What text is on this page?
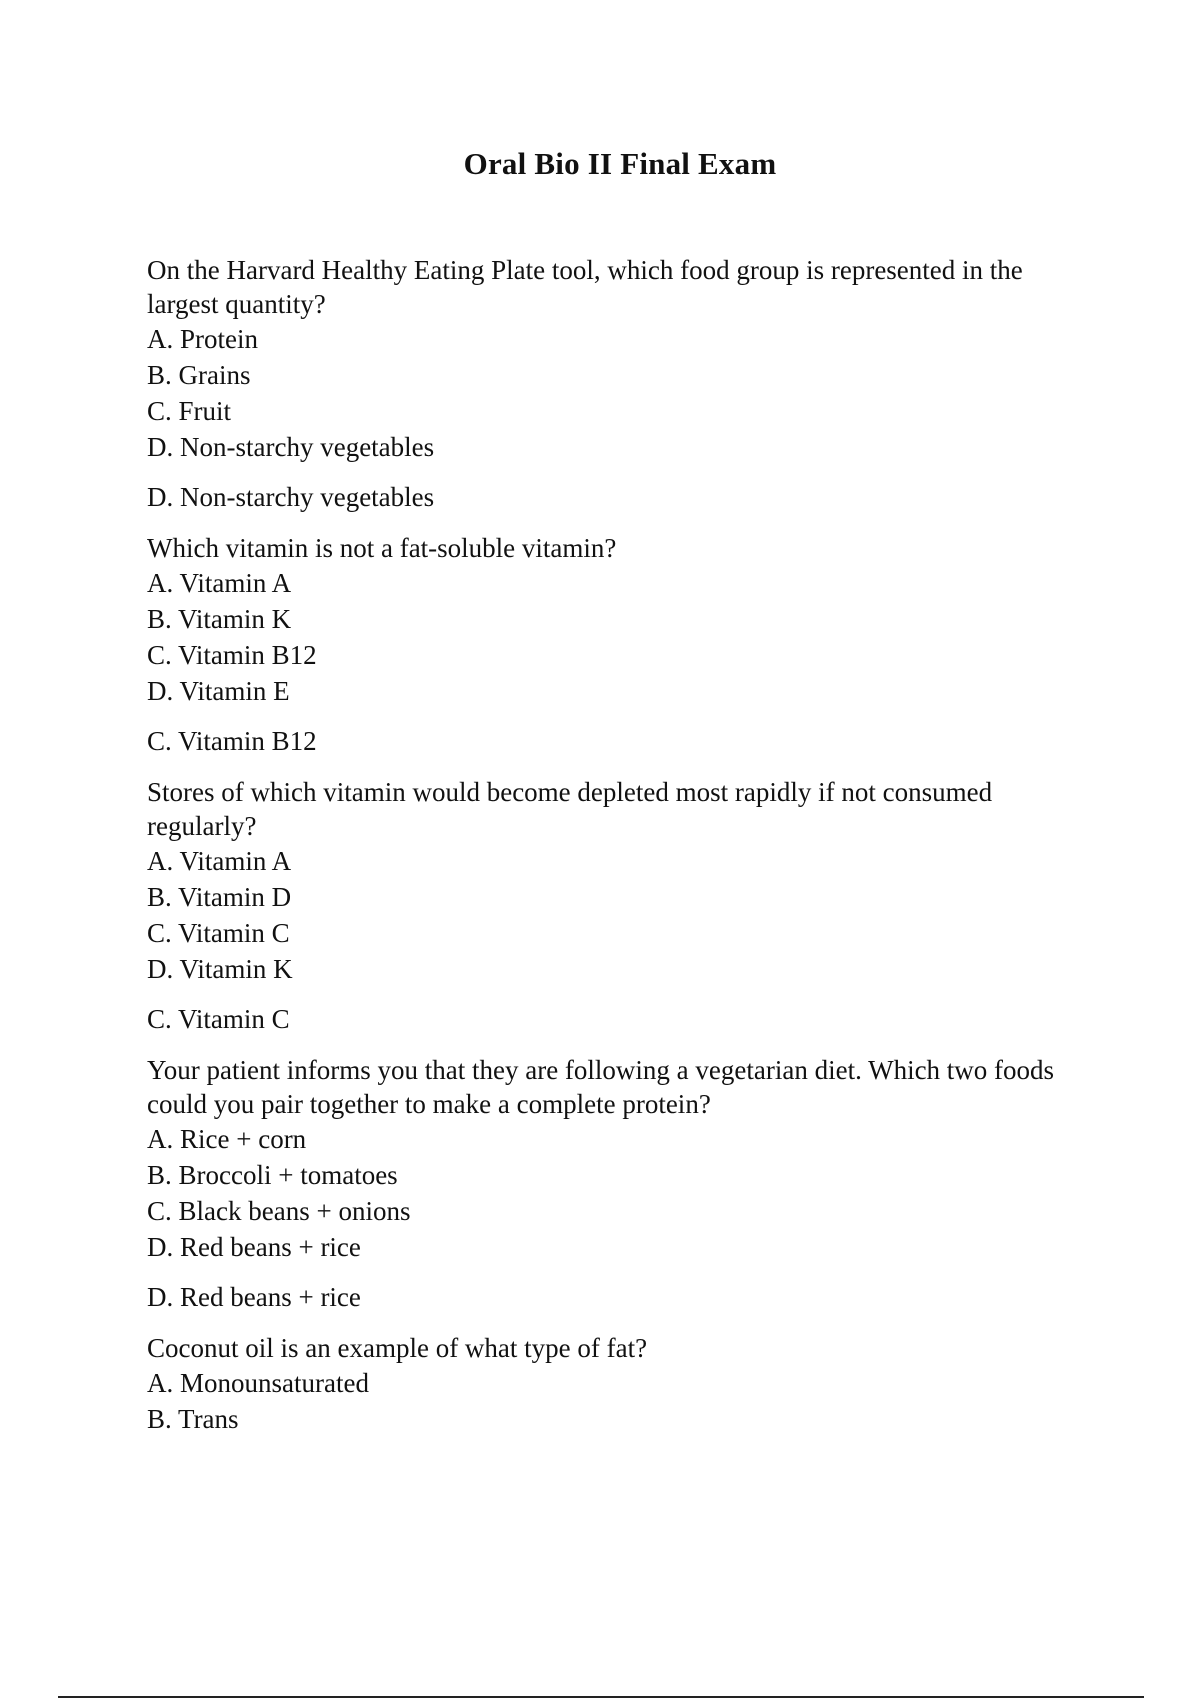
Oral Bio II Final Exam

On the Harvard Healthy Eating Plate tool, which food group is represented in the largest quantity?

A. Protein
B. Grains
C. Fruit
D. Non-starchy vegetables
D. Non-starchy vegetables

Which vitamin is not a fat-soluble vitamin?

A. Vitamin A
B. Vitamin K
C. Vitamin B12
D. Vitamin E
C. Vitamin B12

Stores of which vitamin would become depleted most rapidly if not consumed regularly?

A. Vitamin A
B. Vitamin D
C. Vitamin C
D. Vitamin K
C. Vitamin C

Your patient informs you that they are following a vegetarian diet. Which two foods could you pair together to make a complete protein?

A. Rice + corn
B. Broccoli + tomatoes
C. Black beans + onions
D. Red beans + rice
D. Red beans + rice

Coconut oil is an example of what type of fat?

A. Monounsaturated
B. Trans
